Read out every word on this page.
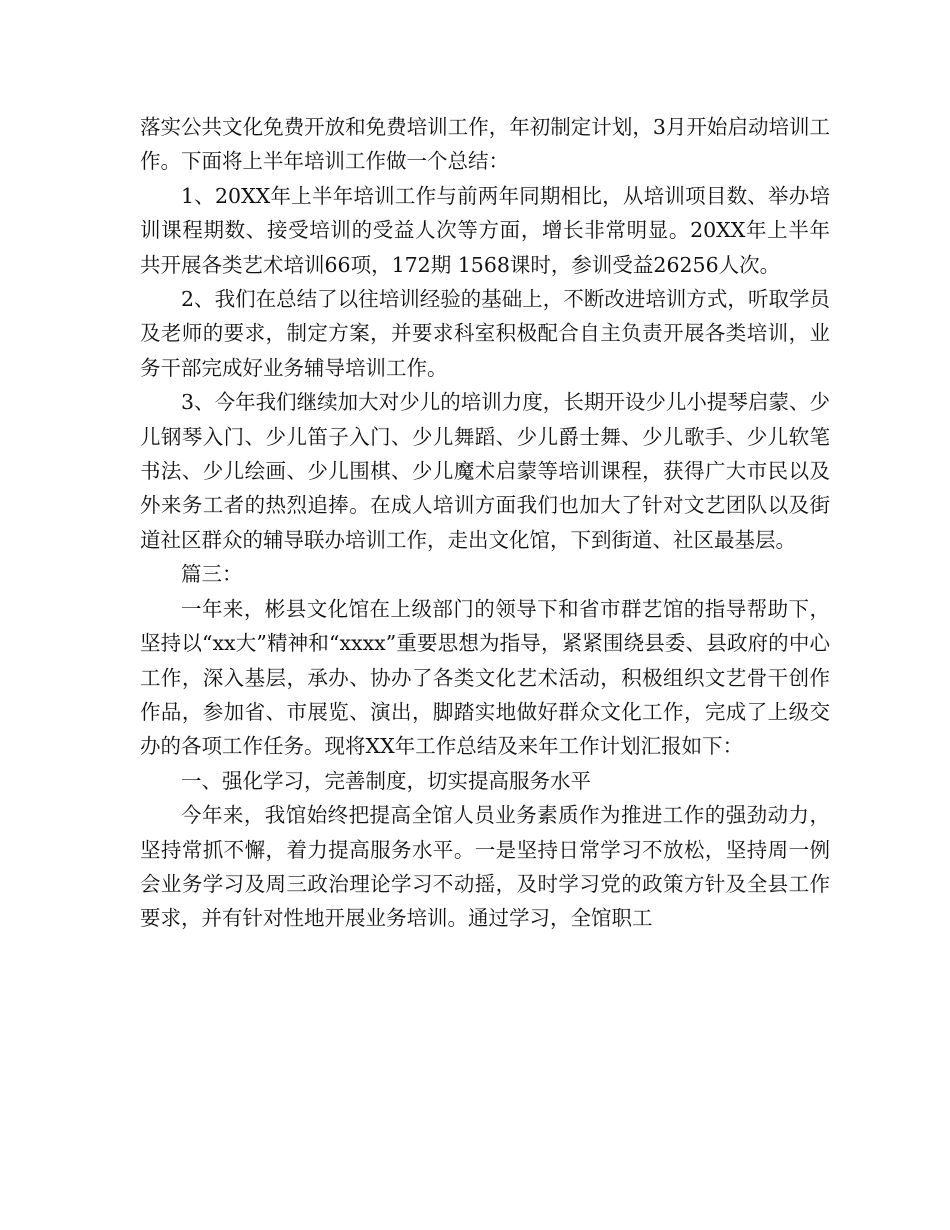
落实公共文化免费开放和免费培训工作，年初制定计划，3月开始启动培训工作。下面将上半年培训工作做一个总结：

1、20XX年上半年培训工作与前两年同期相比，从培训项目数、举办培训课程期数、接受培训的受益人次等方面，增长非常明显。20XX年上半年共开展各类艺术培训66项，172期 1568课时，参训受益26256人次。

2、我们在总结了以往培训经验的基础上，不断改进培训方式，听取学员及老师的要求，制定方案，并要求科室积极配合自主负责开展各类培训，业务干部完成好业务辅导培训工作。

3、今年我们继续加大对少儿的培训力度，长期开设少儿小提琴启蒙、少儿钢琴入门、少儿笛子入门、少儿舞蹈、少儿爵士舞、少儿歌手、少儿软笔书法、少儿绘画、少儿围棋、少儿魔术启蒙等培训课程，获得广大市民以及外来务工者的热烈追捧。在成人培训方面我们也加大了针对文艺团队以及街道社区群众的辅导联办培训工作，走出文化馆，下到街道、社区最基层。

篇三：

一年来，彬县文化馆在上级部门的领导下和省市群艺馆的指导帮助下，坚持以“xx大”精神和“xxxx”重要思想为指导，紧紧围绕县委、县政府的中心工作，深入基层，承办、协办了各类文化艺术活动，积极组织文艺骨干创作作品，参加省、市展览、演出，脚踏实地做好群众文化工作，完成了上级交办的各项工作任务。现将XX年工作总结及来年工作计划汇报如下：

一、强化学习，完善制度，切实提高服务水平

今年来，我馆始终把提高全馆人员业务素质作为推进工作的强劲动力，坚持常抓不懈，着力提高服务水平。一是坚持日常学习不放松，坚持周一例会业务学习及周三政治理论学习不动摇，及时学习党的政策方针及全县工作要求，并有针对性地开展业务培训。通过学习，全馆职工
